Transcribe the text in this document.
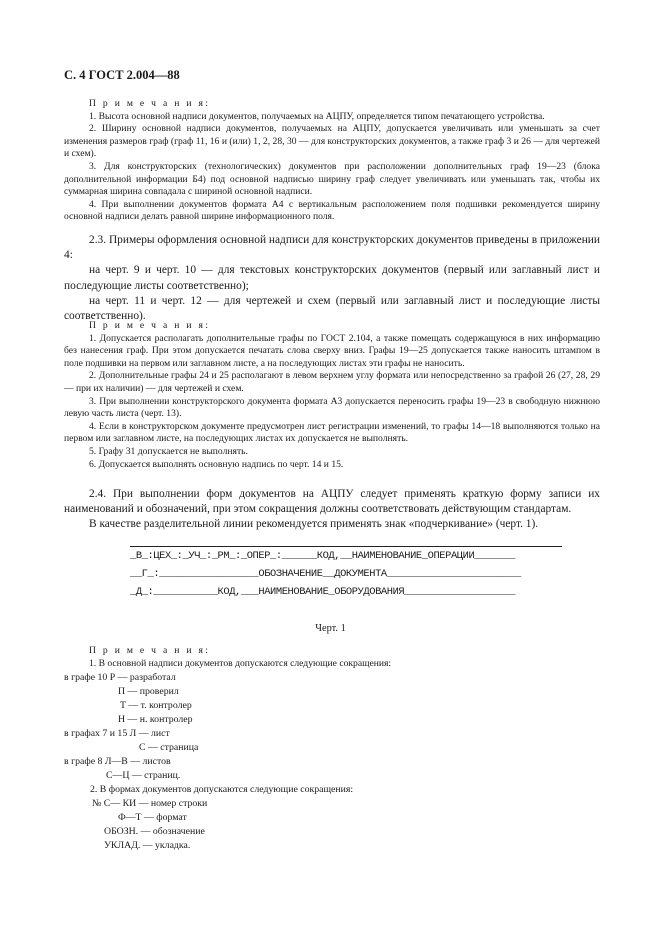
С. 4 ГОСТ 2.004—88
П р и м е ч а н и я:
1. Высота основной надписи документов, получаемых на АЦПУ, определяется типом печатающего устройства.
2. Ширину основной надписи документов, получаемых на АЦПУ, допускается увеличивать или уменьшать за счет изменения размеров граф (граф 11, 16 и (или) 1, 2, 28, 30 — для конструкторских документов, а также граф 3 и 26 — для чертежей и схем).
3. Для конструкторских (технологических) документов при расположении дополнительных граф 19—23 (блока дополнительной информации Б4) под основной надписью ширину граф следует увеличивать или уменьшать так, чтобы их суммарная ширина совпадала с шириной основной надписи.
4. При выполнении документов формата А4 с вертикальным расположением поля подшивки рекомендуется ширину основной надписи делать равной ширине информационного поля.
2.3. Примеры оформления основной надписи для конструкторских документов приведены в приложении 4:
на черт. 9 и черт. 10 — для текстовых конструкторских документов (первый или заглавный лист и последующие листы соответственно);
на черт. 11 и черт. 12 — для чертежей и схем (первый или заглавный лист и последующие листы соответственно).
П р и м е ч а н и я:
1. Допускается располагать дополнительные графы по ГОСТ 2.104, а также помещать содержащуюся в них информацию без нанесения граф. При этом допускается печатать слова сверху вниз. Графы 19—25 допускается также наносить штампом в поле подшивки на первом или заглавном листе, а на последующих листах эти графы не наносить.
2. Дополнительные графы 24 и 25 располагают в левом верхнем углу формата или непосредственно за графой 26 (27, 28, 29 — при их наличии) — для чертежей и схем.
3. При выполнении конструкторского документа формата А3 допускается переносить графы 19—23 в свободную нижнюю левую часть листа (черт. 13).
4. Если в конструкторском документе предусмотрен лист регистрации изменений, то графы 14—18 выполняются только на первом или заглавном листе, на последующих листах их допускается не выполнять.
5. Графу 31 допускается не выполнять.
6. Допускается выполнять основную надпись по черт. 14 и 15.
2.4. При выполнении форм документов на АЦПУ следует применять краткую форму записи их наименований и обозначений, при этом сокращения должны соответствовать действующим стандартам.
В качестве разделительной линии рекомендуется применять знак «подчеркивание» (черт. 1).
_В_:ЦЕХ_:_УЧ_:_РМ_:_ОПЕР_:______КОД,__НАИМЕНОВАНИЕ_ОПЕРАЦИИ_______
__Г_:_________________ОБОЗНАЧЕНИЕ__ДОКУМЕНТА_______________________
_Д_:___________КОД,___НАИМЕНОВАНИЕ_ОБОРУДОВАНИЯ___________________
Черт. 1
П р и м е ч а н и я:
1. В основной надписи документов допускаются следующие сокращения:
в графе 10 Р — разработал
П — проверил
Т — т. контролер
Н — н. контролер
в графах 7 и 15 Л — лист
С — страница
в графе 8 Л—В — листов
С—Ц — страниц.
2. В формах документов допускаются следующие сокращения:
№ С— КИ — номер строки
Ф—Т — формат
ОБОЗН. — обозначение
УКЛАД. — укладка.
